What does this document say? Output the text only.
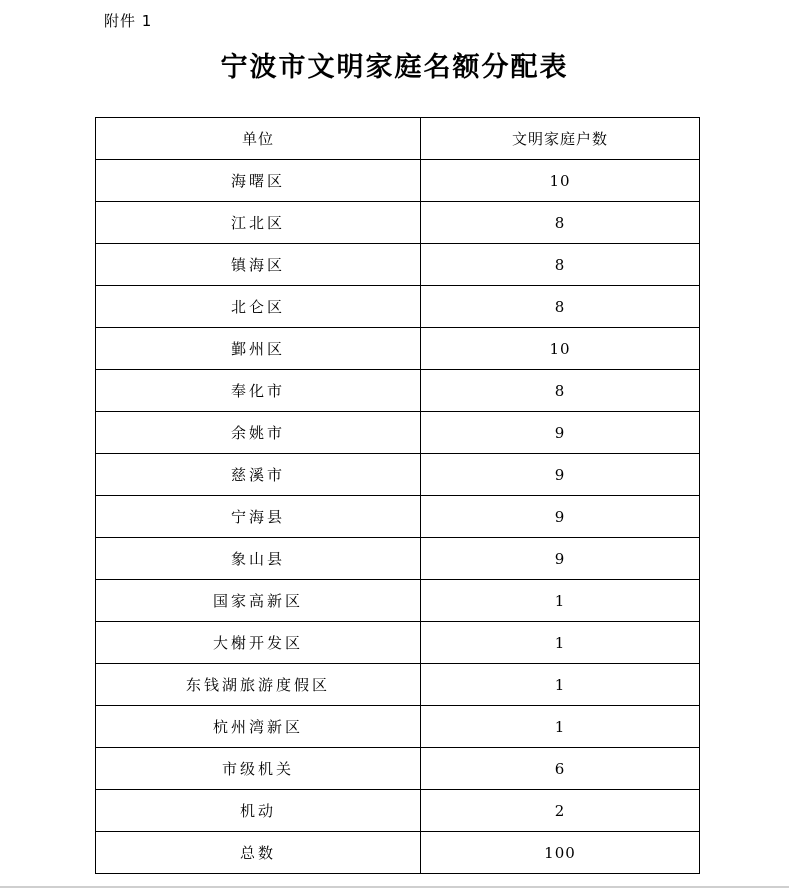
附件 1
宁波市文明家庭名额分配表
单位	文明家庭户数
海曙区	10
江北区	8
镇海区	8
北仑区	8
鄞州区	10
奉化市	8
余姚市	9
慈溪市	9
宁海县	9
象山县	9
国家高新区	1
大榭开发区	1
东钱湖旅游度假区	1
杭州湾新区	1
市级机关	6
机动	2
总数	100
